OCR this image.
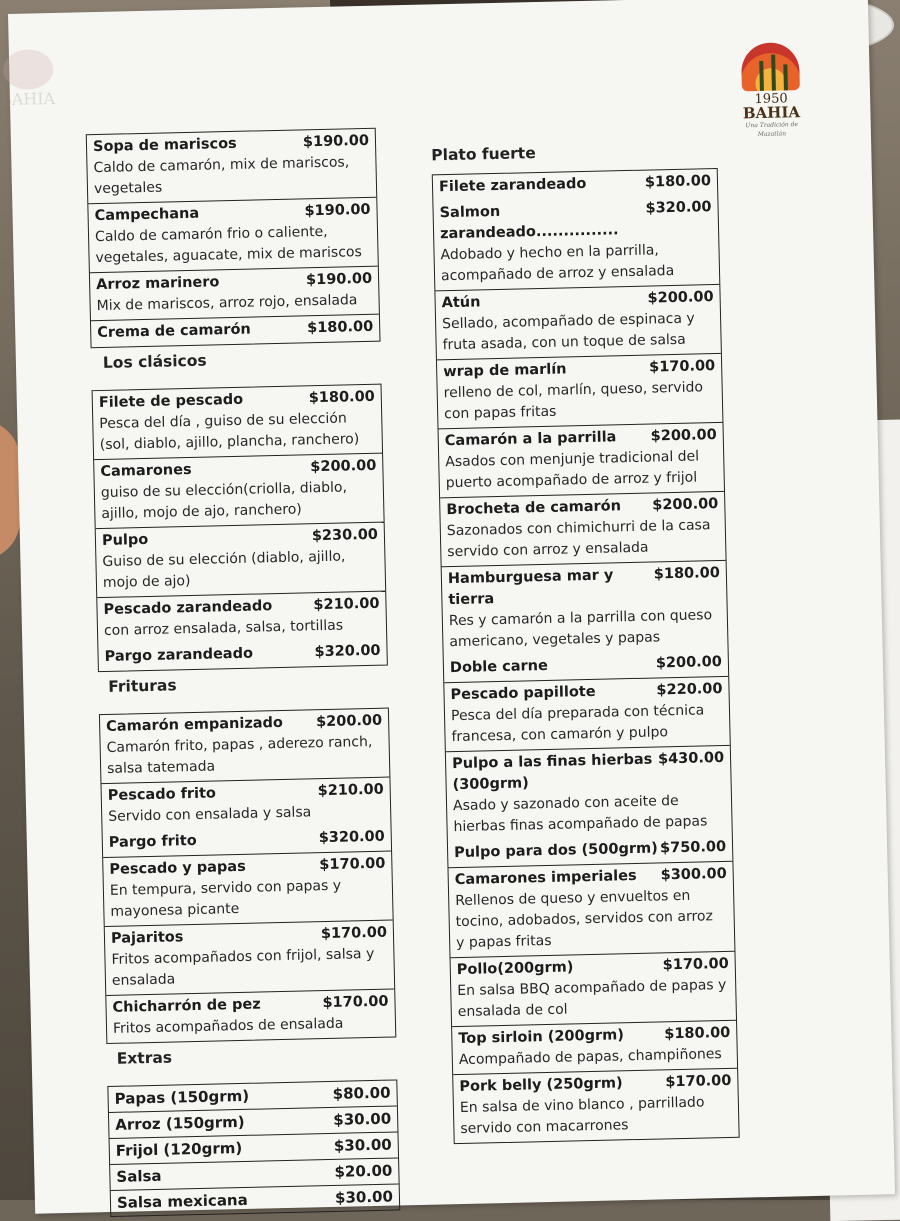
BAHIA	1950
BAHIA
Una Tradición de Mazatlán
Sopa de mariscos	$190.00
Caldo de camarón, mix de mariscos,
vegetales
Campechana	$190.00
Caldo de camarón frio o caliente,
vegetales, aguacate, mix de mariscos
Arroz marinero	$190.00
Mix de mariscos, arroz rojo, ensalada
Crema de camarón	$180.00
Los clásicos
Filete de pescado	$180.00
Pesca del día , guiso de su elección
(sol, diablo, ajillo, plancha, ranchero)
Camarones	$200.00
guiso de su elección(criolla, diablo,
ajillo, mojo de ajo, ranchero)
Pulpo	$230.00
Guiso de su elección (diablo, ajillo,
mojo de ajo)
Pescado zarandeado	$210.00
con arroz ensalada, salsa, tortillas
Pargo zarandeado	$320.00
Frituras
Camarón empanizado $200.00
Camarón frito, papas , aderezo ranch,
salsa tatemada
Pescado frito	$210.00
Servido con ensalada y salsa
Pargo frito	$320.00
Pescado y papas	$170.00
En tempura, servido con papas y
mayonesa picante
Pajaritos	$170.00
Fritos acompañados con frijol, salsa y
ensalada
Chicharrón de pez	$170.00
Fritos acompañados de ensalada
Extras
Papas (150grm)	$80.00
Arroz (150grm)	$30.00
Frijol (120grm)	$30.00
Salsa	$20.00
Salsa mexicana	$30.00
Plato fuerte
Filete zarandeado	$180.00
Salmon zarandeado...............
$320.00
Adobado y hecho en la parrilla,
acompañado de arroz y ensalada
Atún	$200.00
Sellado, acompañado de espinaca y
fruta asada, con un toque de salsa
wrap de marlín	$170.00
relleno de col, marlín, queso, servido
con papas fritas
Camarón a la parrilla $200.00
Asados con menjunje tradicional del
puerto acompañado de arroz y frijol
Brocheta de camarón $200.00
Sazonados con chimichurri de la casa
servido con arroz y ensalada
Hamburguesa mar y tierra
$180.00
Res y camarón a la parrilla con queso
americano, vegetales y papas
Doble carne	$200.00
Pescado papillote	$220.00
Pesca del día preparada con técnica
francesa, con camarón y pulpo
Pulpo a las finas hierbas (300grm)
$430.00
Asado y sazonado con aceite de
hierbas finas acompañado de papas
Pulpo para dos (500grm) $750.00
Camarones imperiales $300.00
Rellenos de queso y envueltos en
tocino, adobados, servidos con arroz
y papas fritas
Pollo(200grm)	$170.00
En salsa BBQ acompañado de papas y
ensalada de col
Top sirloin (200grm)	$180.00
Acompañado de papas, champiñones
Pork belly (250grm)	$170.00
En salsa de vino blanco , parrillado
servido con macarrones
